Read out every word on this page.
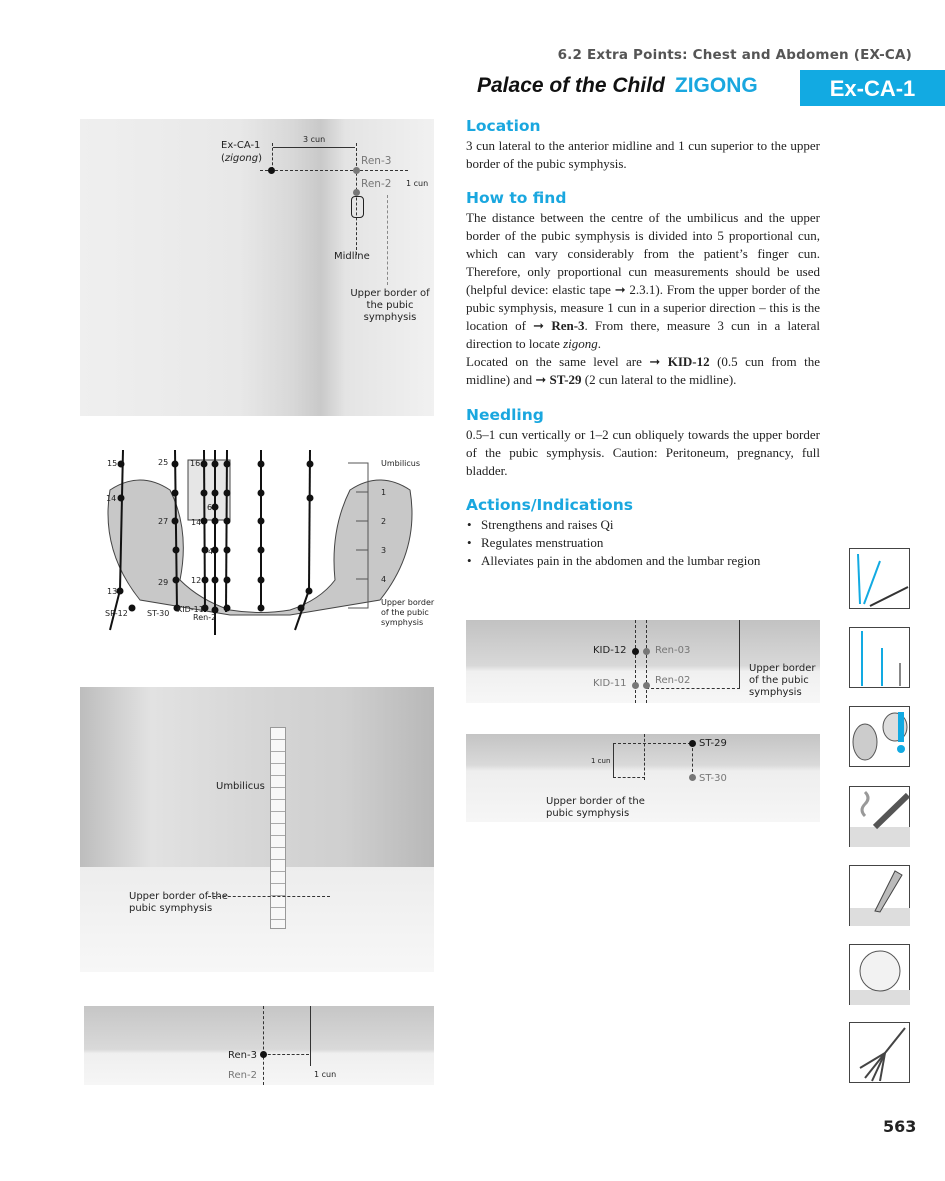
6.2 Extra Points: Chest and Abdomen (EX-CA)
Palace of the Child ZIGONG	Ex-CA-1
Location

3 cun lateral to the anterior midline and 1 cun superior to the upper border of the pubic symphysis.

How to find

The distance between the centre of the umbilicus and the upper border of the pubic symphysis is divided into 5 proportional cun, which can vary considerably from the patient’s finger cun. Therefore, only proportional cun measurements should be used (helpful device: elastic tape ➞ 2.3.1). From the upper border of the pubic symphysis, measure 1 cun in a superior direction – this is the location of ➞ Ren-3. From there, measure 3 cun in a lateral direction to locate zigong.

Located on the same level are ➞ KID-12 (0.5 cun from the midline) and ➞ ST-29 (2 cun lateral to the midline).

Needling

0.5–1 cun vertically or 1–2 cun obliquely towards the upper border of the pubic symphysis. Caution: Peritoneum, pregnancy, full bladder.

Actions/Indications
• Strengthens and raises Qi
• Regulates menstruation
• Alleviates pain in the abdomen and the lumbar region
Ex-CA-1
(zigong)
3 cun
Ren-3
Ren-2 1 cun
Midline
Upper border of the pubic symphysis
Umbilicus
1
2
3
4
Upper border of the pubic symphysis
15	25	16
14
6
27	14
4
29	12
13
SP-12 ST-30 KID-11
Ren-2
Umbilicus
Upper border of the pubic symphysis
Ren-3
Ren-2	1 cun
KID-12	Ren-03
KID-11	Ren-02
Upper border of the pubic symphysis
ST-29
ST-30
1 cun
Upper border of the pubic symphysis
563
